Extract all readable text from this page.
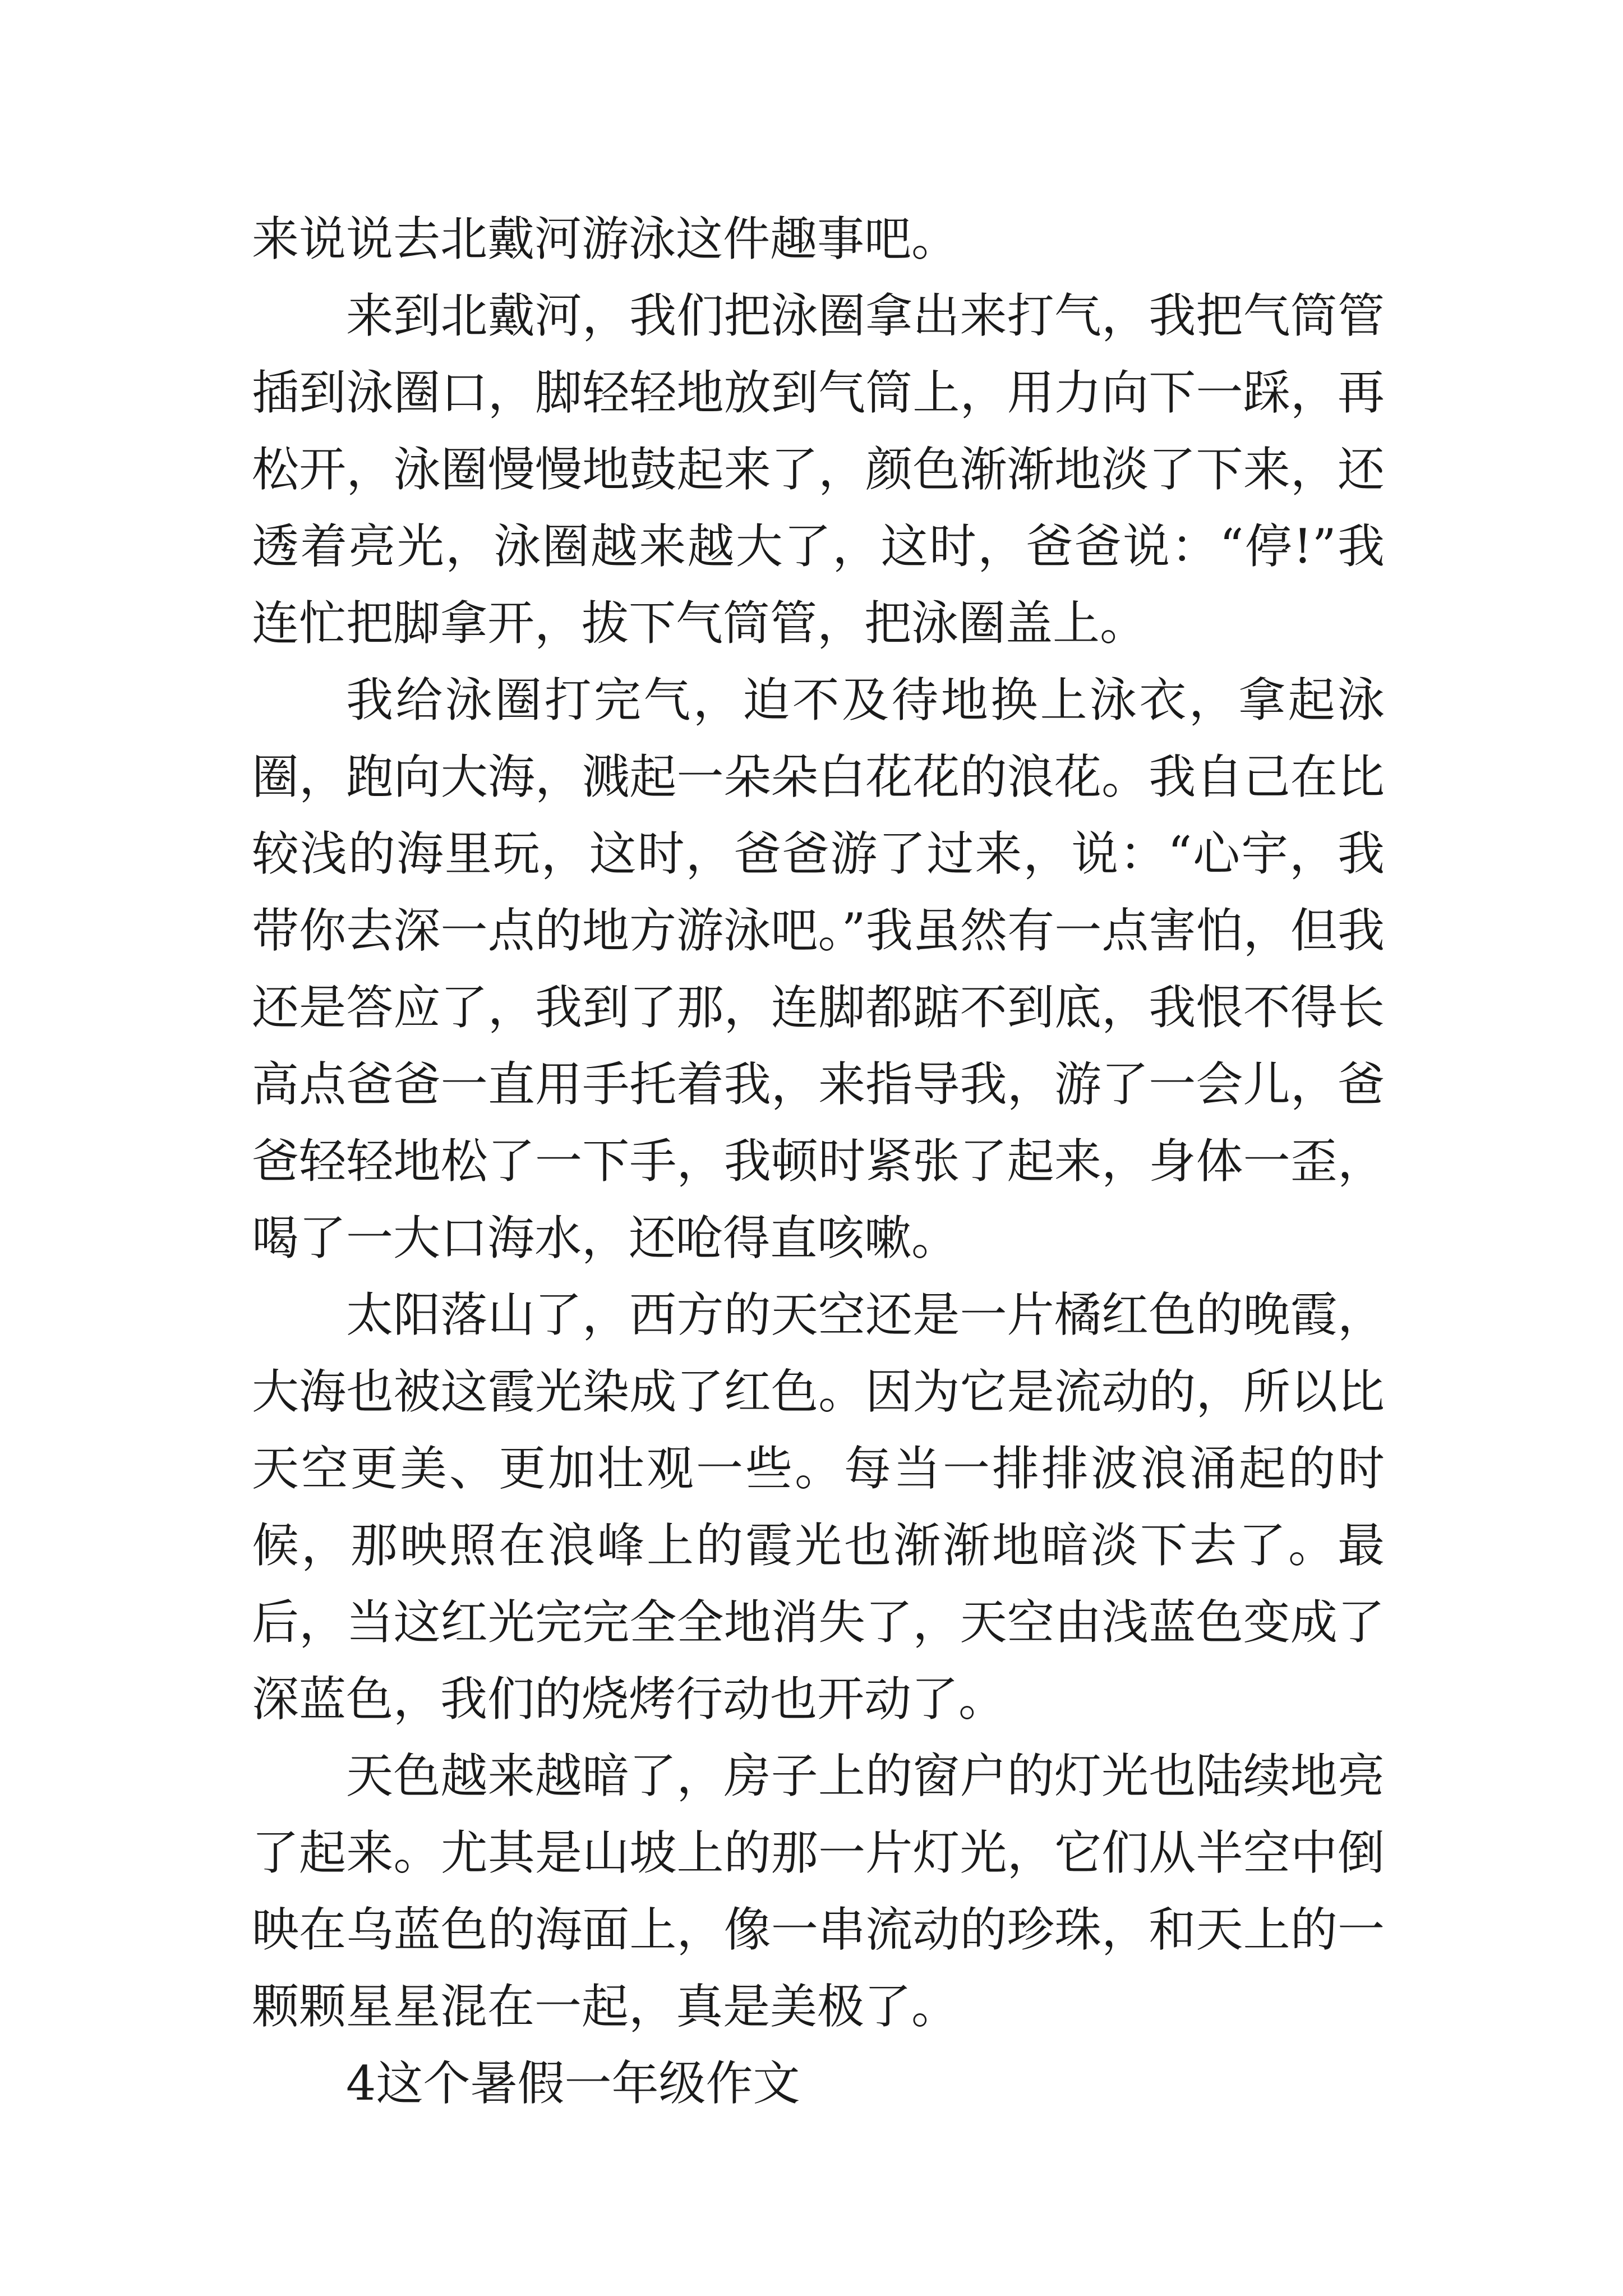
来说说去北戴河游泳这件趣事吧。

来到北戴河，我们把泳圈拿出来打气，我把气筒管插到泳圈口，脚轻轻地放到气筒上，用力向下一踩，再松开，泳圈慢慢地鼓起来了，颜色渐渐地淡了下来，还透着亮光，泳圈越来越大了，这时，爸爸说：“停!”我连忙把脚拿开，拔下气筒管，把泳圈盖上。

我给泳圈打完气，迫不及待地换上泳衣，拿起泳圈，跑向大海，溅起一朵朵白花花的浪花。我自己在比较浅的海里玩，这时，爸爸游了过来，说：“心宇，我带你去深一点的地方游泳吧。”我虽然有一点害怕，但我还是答应了，我到了那，连脚都踮不到底，我恨不得长高点爸爸一直用手托着我，来指导我，游了一会儿，爸爸轻轻地松了一下手，我顿时紧张了起来，身体一歪，喝了一大口海水，还呛得直咳嗽。

太阳落山了，西方的天空还是一片橘红色的晚霞，大海也被这霞光染成了红色。因为它是流动的，所以比天空更美、更加壮观一些。每当一排排波浪涌起的时候，那映照在浪峰上的霞光也渐渐地暗淡下去了。最后，当这红光完完全全地消失了，天空由浅蓝色变成了深蓝色，我们的烧烤行动也开动了。

天色越来越暗了，房子上的窗户的灯光也陆续地亮了起来。尤其是山坡上的那一片灯光，它们从半空中倒映在乌蓝色的海面上，像一串流动的珍珠，和天上的一颗颗星星混在一起，真是美极了。

4这个暑假一年级作文
